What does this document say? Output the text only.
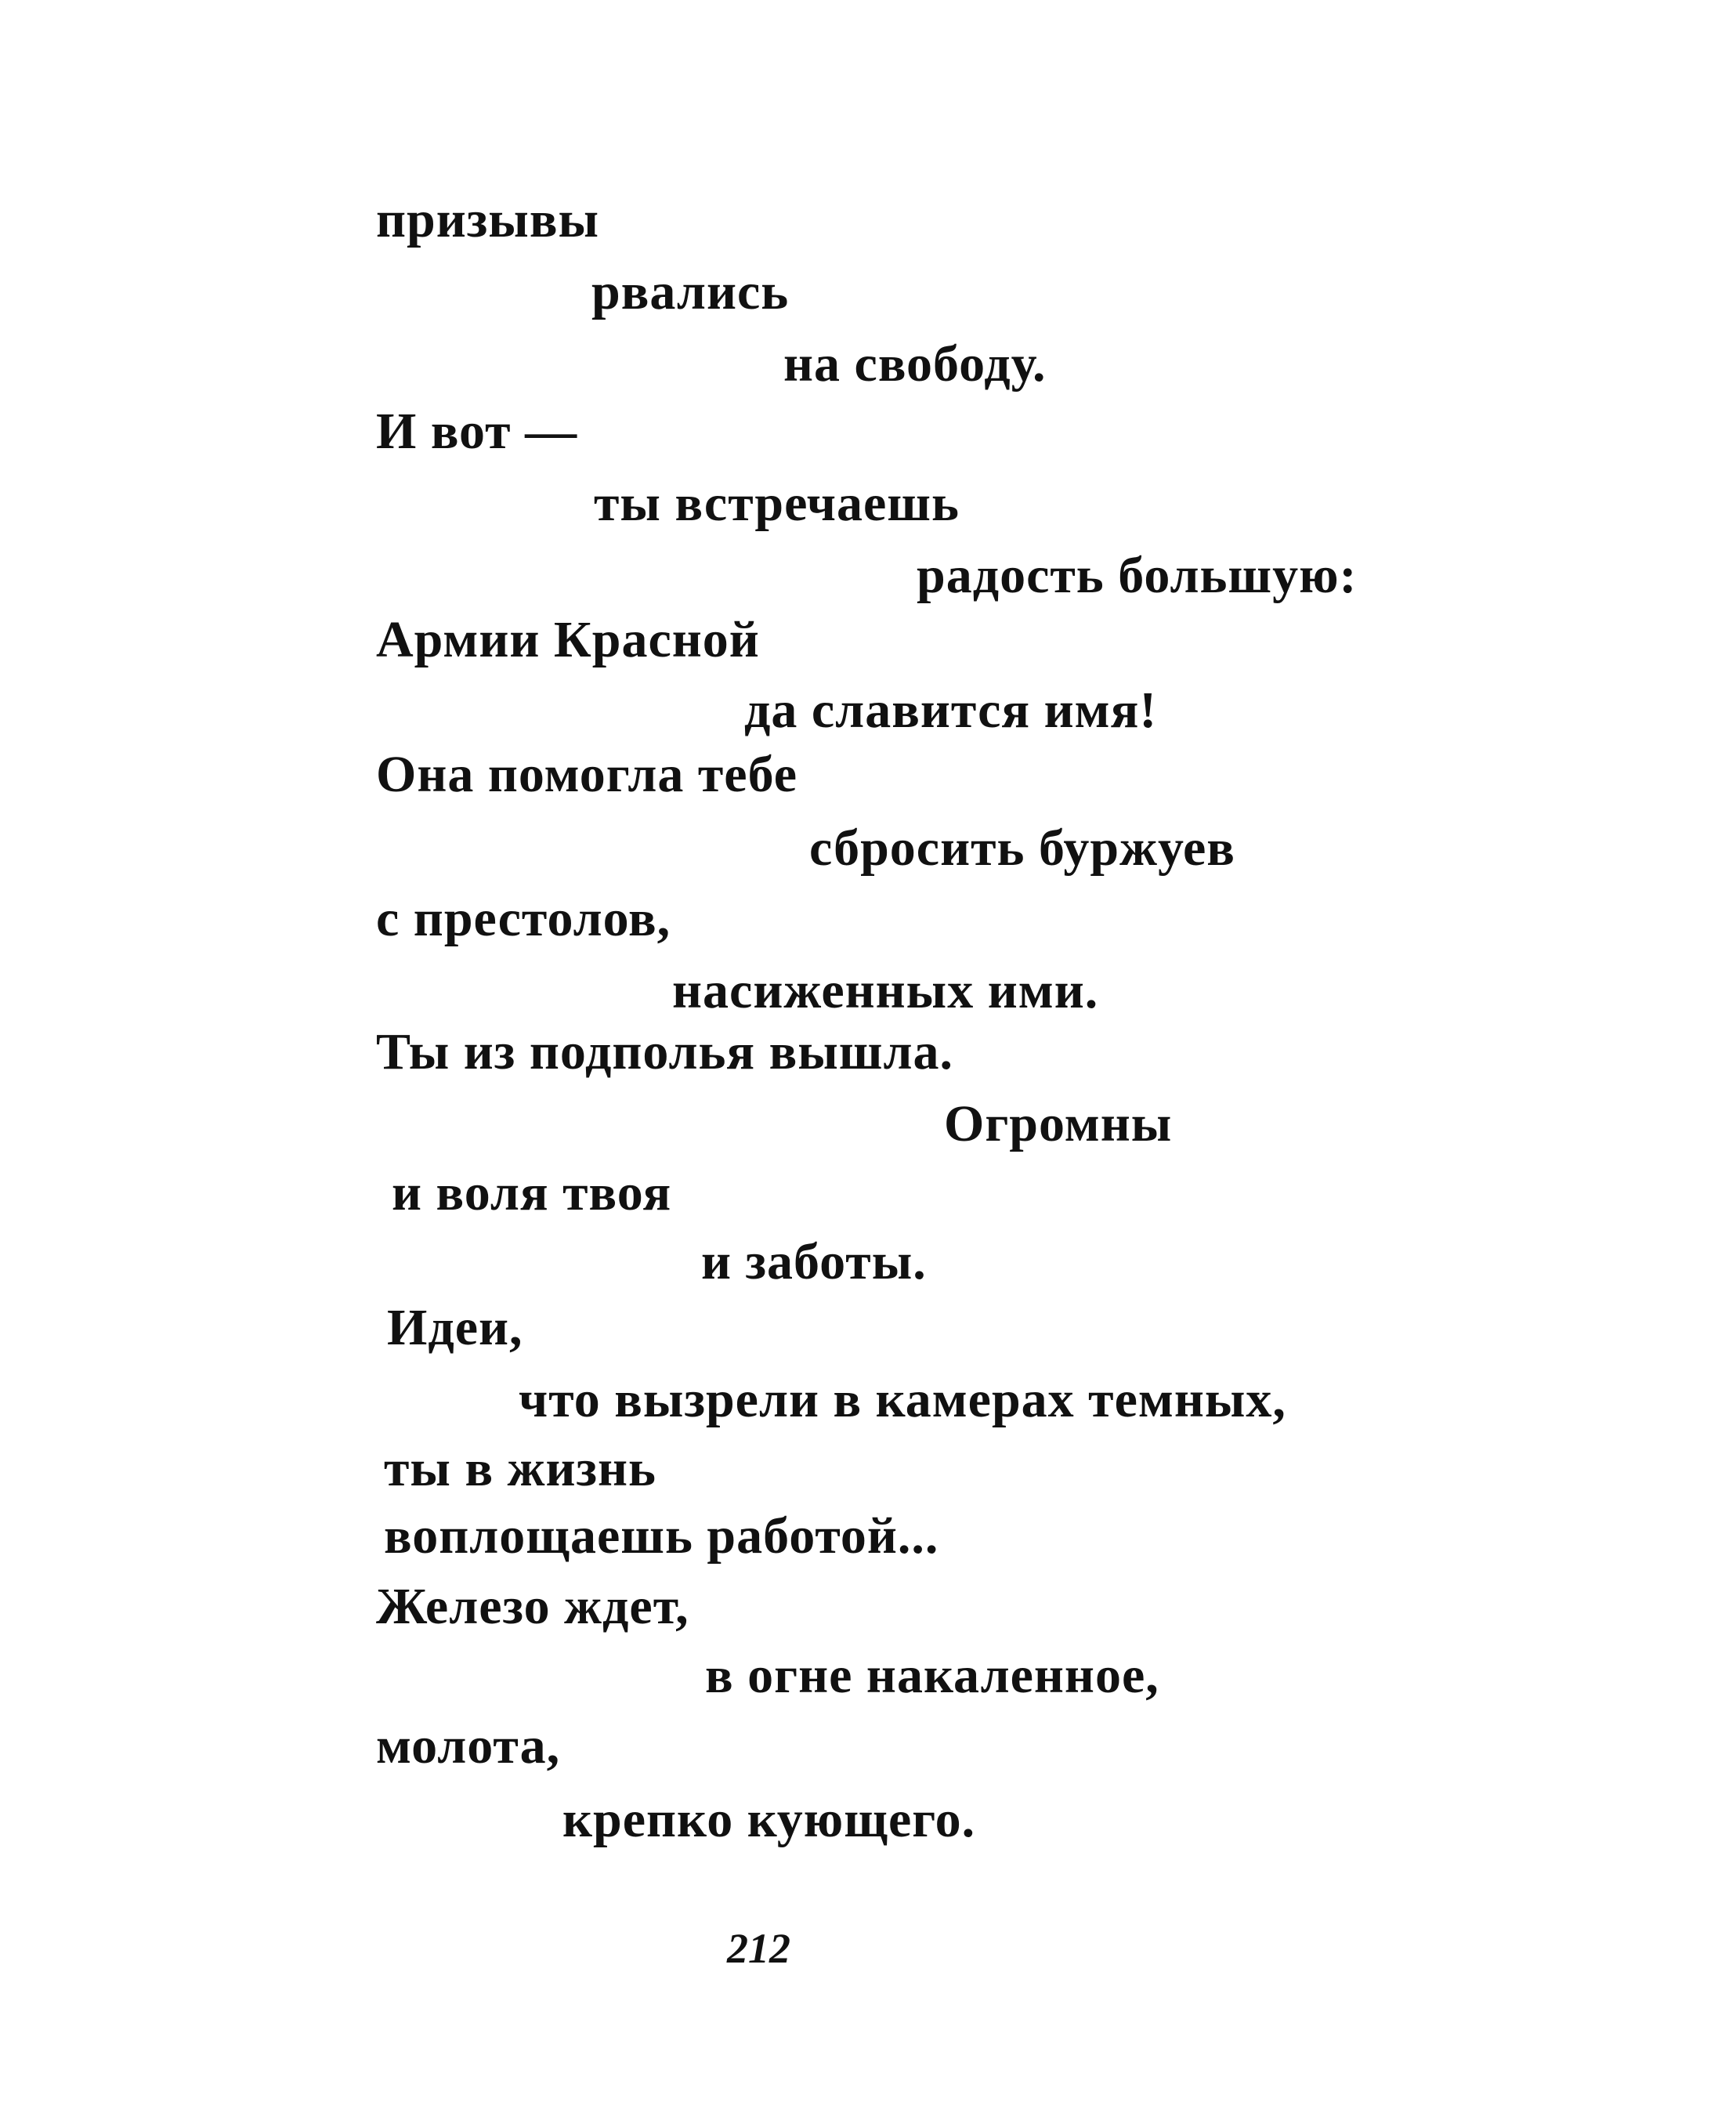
призывы
рвались
на свободу.
И вот —
ты встречаешь
радость большую:
Армии Красной
да славится имя!
Она помогла тебе
сбросить буржуев
с престолов,
насиженных ими.
Ты из подполья вышла.
Огромны
и воля твоя
и заботы.
Идеи,
что вызрели в камерах темных,
ты в жизнь
воплощаешь работой...
Железо ждет,
в огне накаленное,
молота,
крепко кующего.
212
